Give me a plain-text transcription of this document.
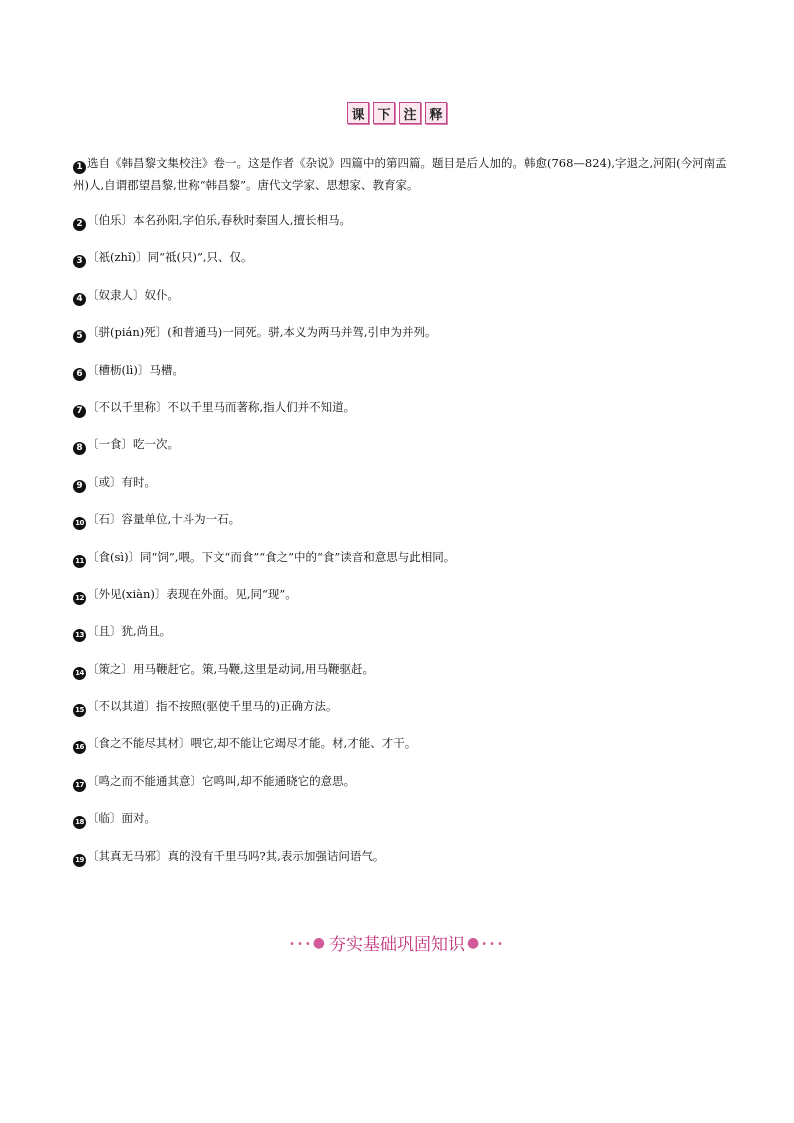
课 下 注 释
1 选自《韩昌黎文集校注》卷一。这是作者《杂说》四篇中的第四篇。题目是后人加的。韩愈(768—824),字退之,河阳(今河南孟州)人,自谓郡望昌黎,世称“韩昌黎”。唐代文学家、思想家、教育家。
2 〔伯乐〕本名孙阳,字伯乐,春秋时秦国人,擅长相马。
3 〔祇(zhǐ)〕同“祗(只)”,只、仅。
4 〔奴隶人〕奴仆。
5 〔骈(pián)死〕(和普通马)一同死。骈,本义为两马并驾,引申为并列。
6 〔槽枥(lì)〕马槽。
7 〔不以千里称〕不以千里马而著称,指人们并不知道。
8 〔一食〕吃一次。
9 〔或〕有时。
10 〔石〕容量单位,十斗为一石。
11 〔食(sì)〕同“饲”,喂。下文“而食”“食之”中的“食”读音和意思与此相同。
12 〔外见(xiàn)〕表现在外面。见,同“现”。
13 〔且〕犹,尚且。
14 〔策之〕用马鞭赶它。策,马鞭,这里是动词,用马鞭驱赶。
15 〔不以其道〕指不按照(驱使千里马的)正确方法。
16 〔食之不能尽其材〕喂它,却不能让它竭尽才能。材,才能、才干。
17 〔鸣之而不能通其意〕它鸣叫,却不能通晓它的意思。
18 〔临〕面对。
19 〔其真无马邪〕真的没有千里马吗?其,表示加强诘问语气。
•••● 夯实基础巩固知识 ●•••
